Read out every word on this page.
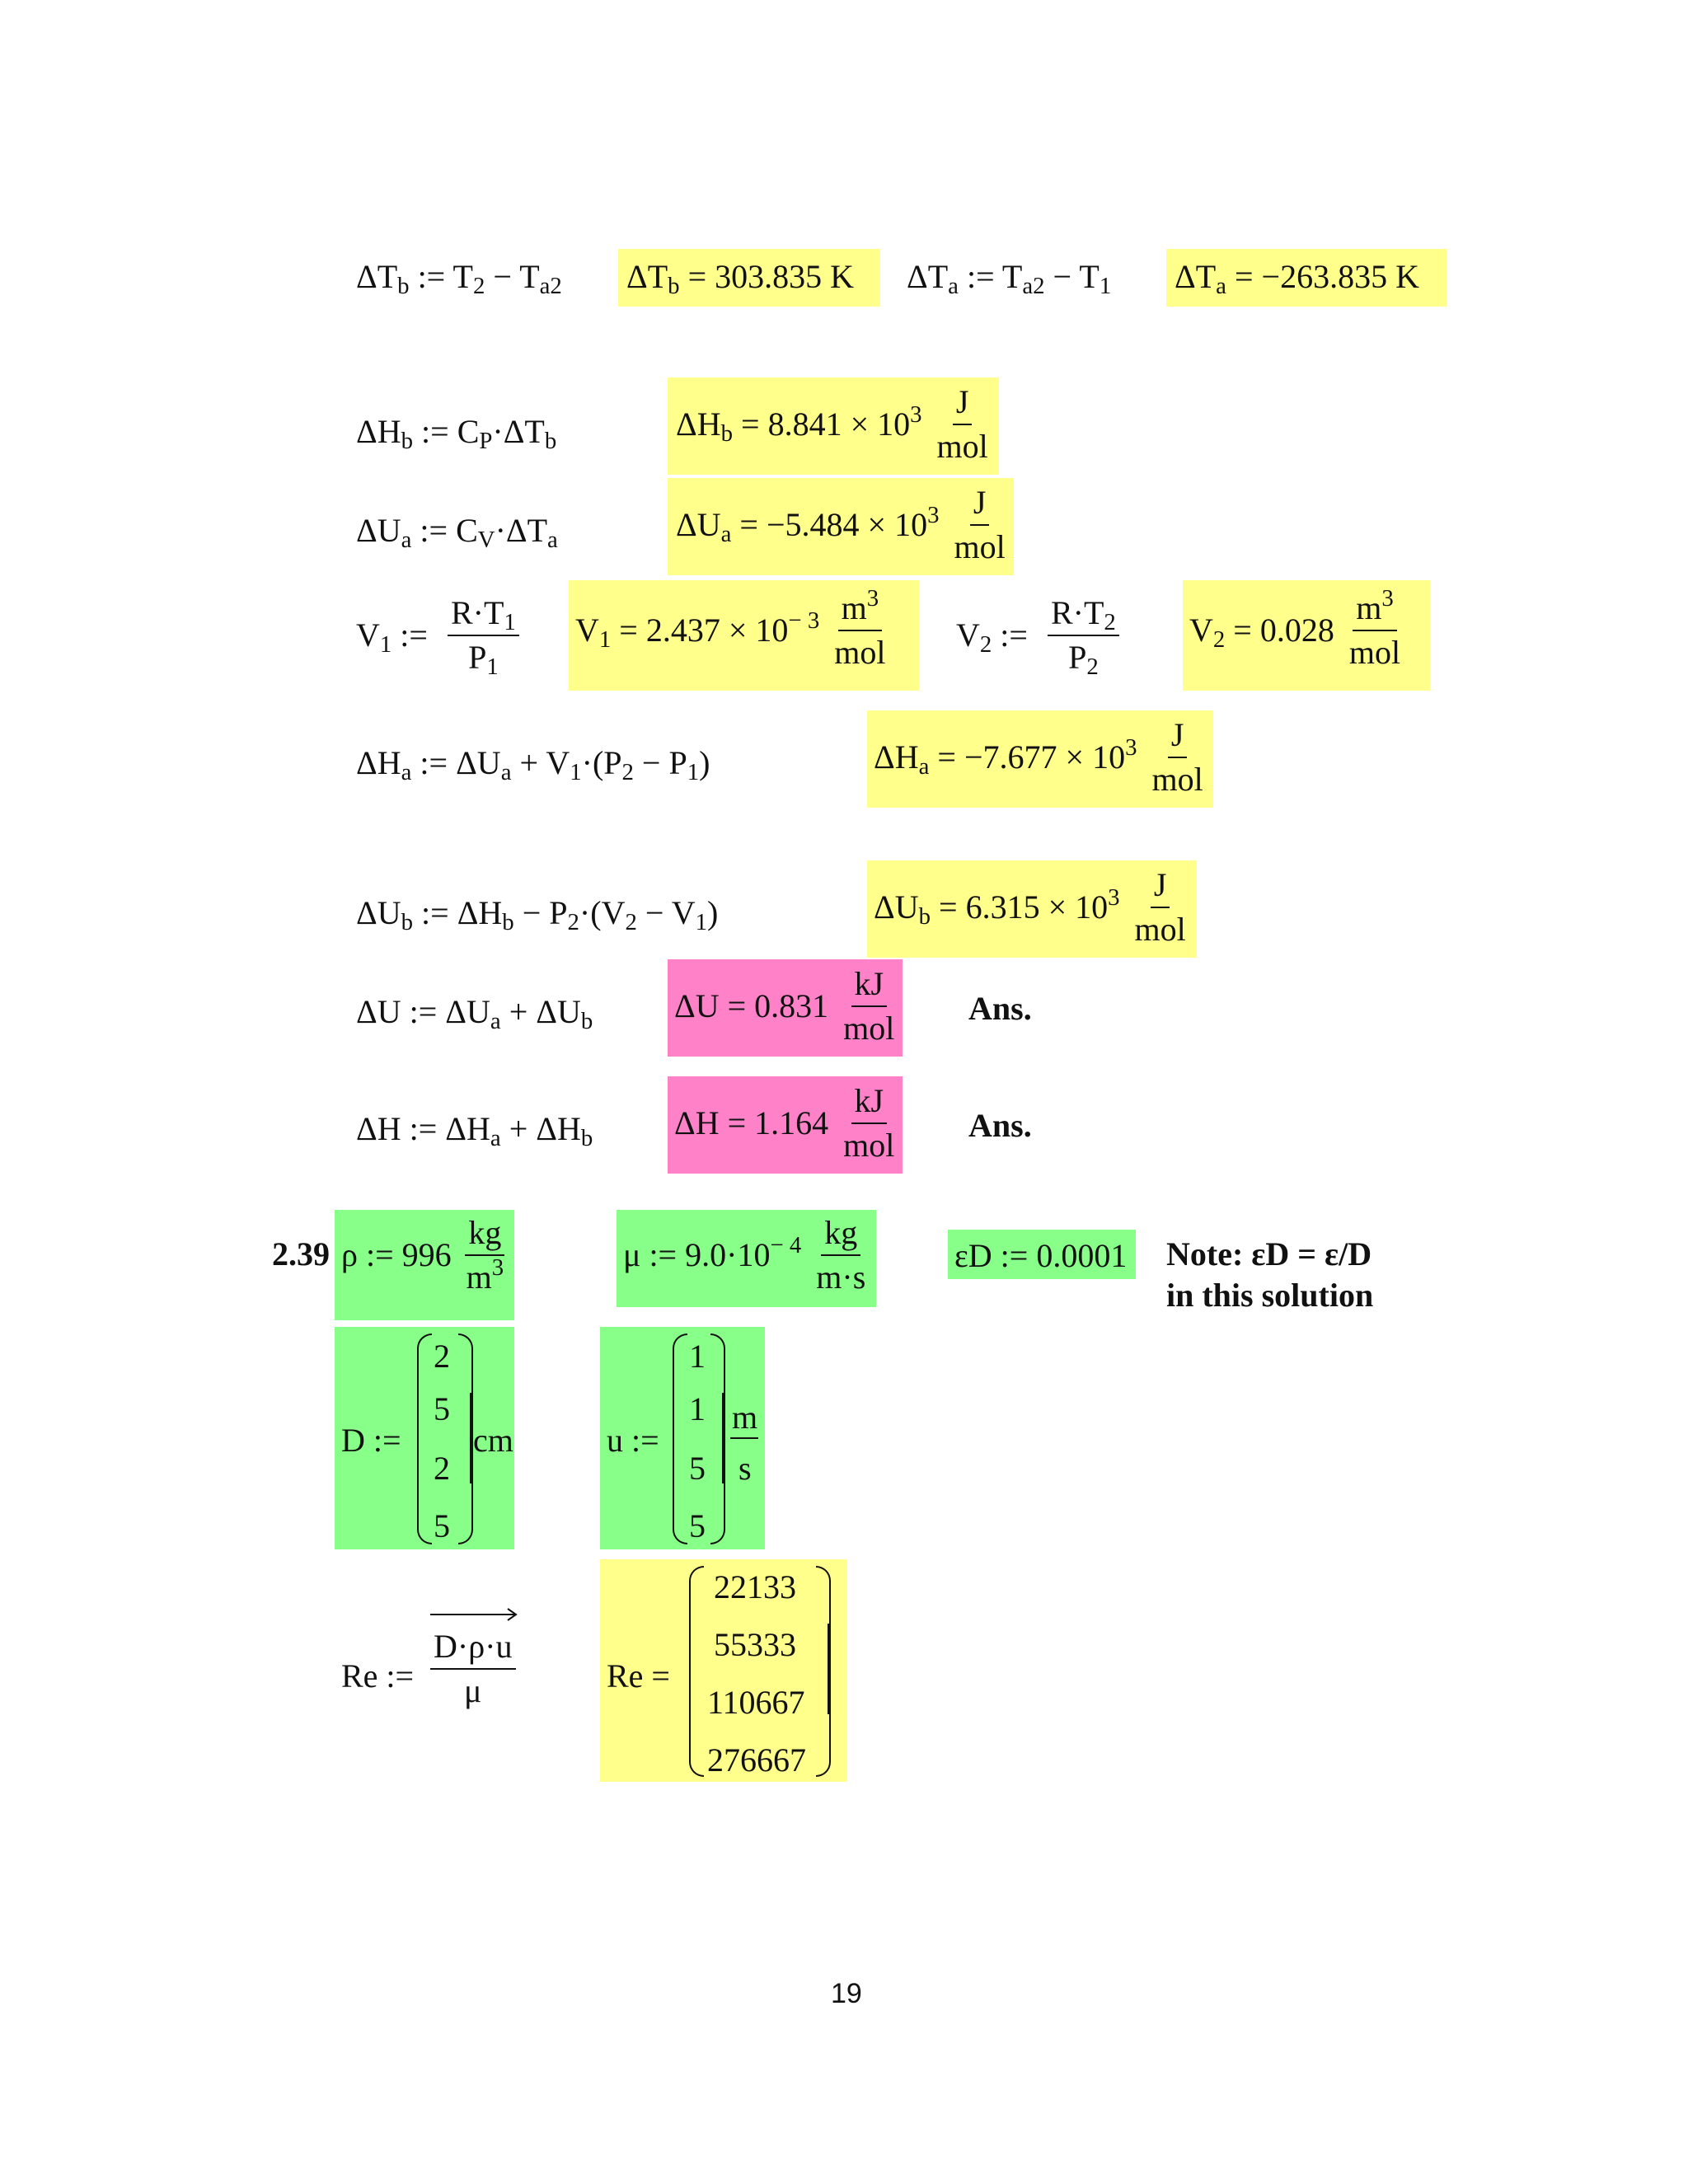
$\Delta T_b$ := $T_2 - T_{a2}$ $\Delta T_b = 303.835$ K $\Delta T_a$ := $T_{a2} - T_1$ $\Delta T_a = -263.835$ K
$\Delta H_b$ := $C_P\cdot\Delta T_b$	$\Delta H_b = 8.841 \times 10^3 \frac{J}{\text{mol}}$
$\Delta U_a$ := $C_V\cdot\Delta T_a$	$\Delta U_a = -5.484 \times 10^3 \frac{J}{\text{mol}}$
$V_1$ := $\frac{R\cdot T_1}{P_1} V_1 = 2.437 \times 10^{- 3} \frac{m^3}{\text{mol}} V_2$ := $\frac{R\cdot T_2}{P_2} V_2 = 0.028 \frac{m^3}{\text{mol}}$
$\Delta H_a$ := $\Delta U_a + V_1\cdot(P_2 - P_1)$	$\Delta H_a = -7.677 \times 10^3 \frac{J}{\text{mol}}$
$\Delta U_b$ := $\Delta H_b - P_2\cdot(V_2 - V_1)$	$\Delta U_b = 6.315 \times 10^3 \frac{J}{\text{mol}}$
ΔU := $\Delta U_a + \Delta U_b$ $\Delta U = 0.831 \frac{kJ}{\text{mol}}$ Ans.
ΔH := $\Delta H_a + \Delta H_b$ $\Delta H = 1.164 \frac{kJ}{\text{mol}}$ Ans.
2.39 ρ := $996 \frac{kg}{m^3}$	μ := $9.0\cdot 10^{- 4} \frac{kg}{m\cdot s}$	εD := 0.0001 Note: εD = ε/D
in this solution
D :=
2
5
2
5
cm	u :=
1
1
5
5
m
s
Re := $\frac{D\cdot\rho\cdot u}{\mu}$	Re =
22133
55333
110667
276667
19
